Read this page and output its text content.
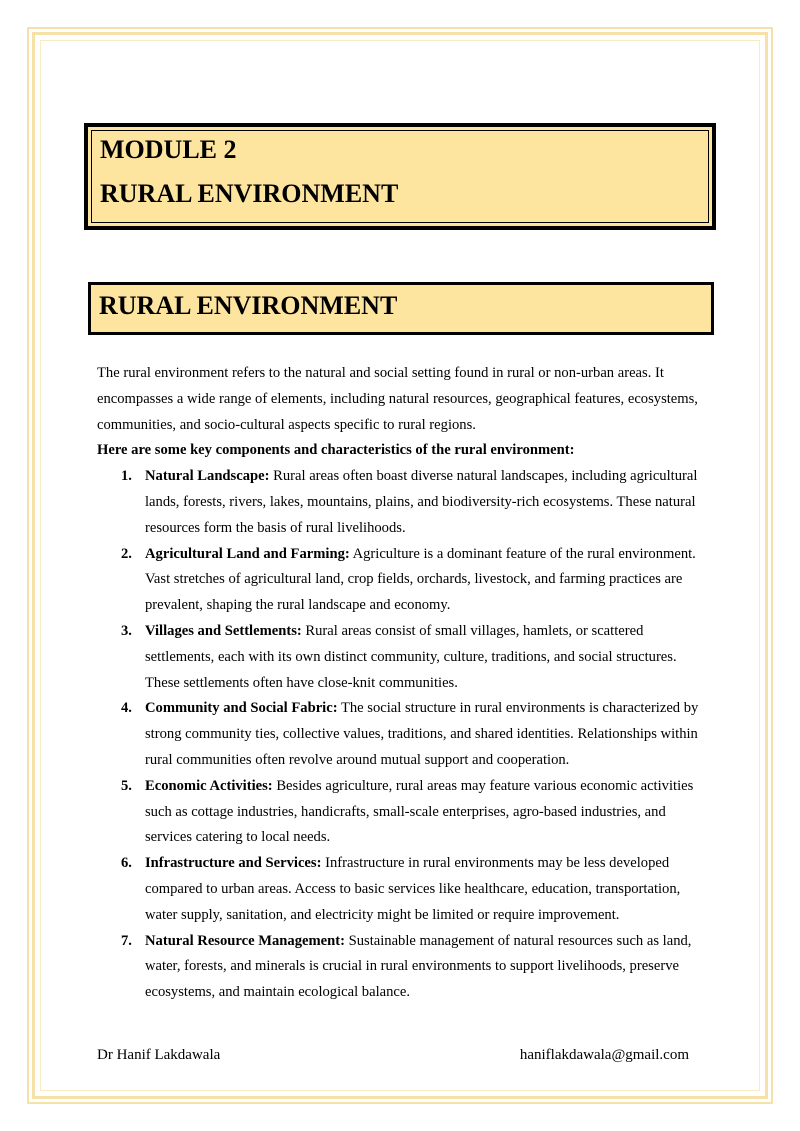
MODULE 2
RURAL ENVIRONMENT
RURAL ENVIRONMENT

The rural environment refers to the natural and social setting found in rural or non-urban areas. It encompasses a wide range of elements, including natural resources, geographical features, ecosystems, communities, and socio-cultural aspects specific to rural regions.

Here are some key components and characteristics of the rural environment:

1. Natural Landscape: Rural areas often boast diverse natural landscapes, including agricultural lands, forests, rivers, lakes, mountains, plains, and biodiversity-rich ecosystems. These natural resources form the basis of rural livelihoods.
2. Agricultural Land and Farming: Agriculture is a dominant feature of the rural environment. Vast stretches of agricultural land, crop fields, orchards, livestock, and farming practices are prevalent, shaping the rural landscape and economy.
3. Villages and Settlements: Rural areas consist of small villages, hamlets, or scattered settlements, each with its own distinct community, culture, traditions, and social structures. These settlements often have close-knit communities.
4. Community and Social Fabric: The social structure in rural environments is characterized by strong community ties, collective values, traditions, and shared identities. Relationships within rural communities often revolve around mutual support and cooperation.
5. Economic Activities: Besides agriculture, rural areas may feature various economic activities such as cottage industries, handicrafts, small-scale enterprises, agro-based industries, and services catering to local needs.
6. Infrastructure and Services: Infrastructure in rural environments may be less developed compared to urban areas. Access to basic services like healthcare, education, transportation, water supply, sanitation, and electricity might be limited or require improvement.
7. Natural Resource Management: Sustainable management of natural resources such as land, water, forests, and minerals is crucial in rural environments to support livelihoods, preserve ecosystems, and maintain ecological balance.
Dr Hanif Lakdawala	haniflakdawala@gmail.com
